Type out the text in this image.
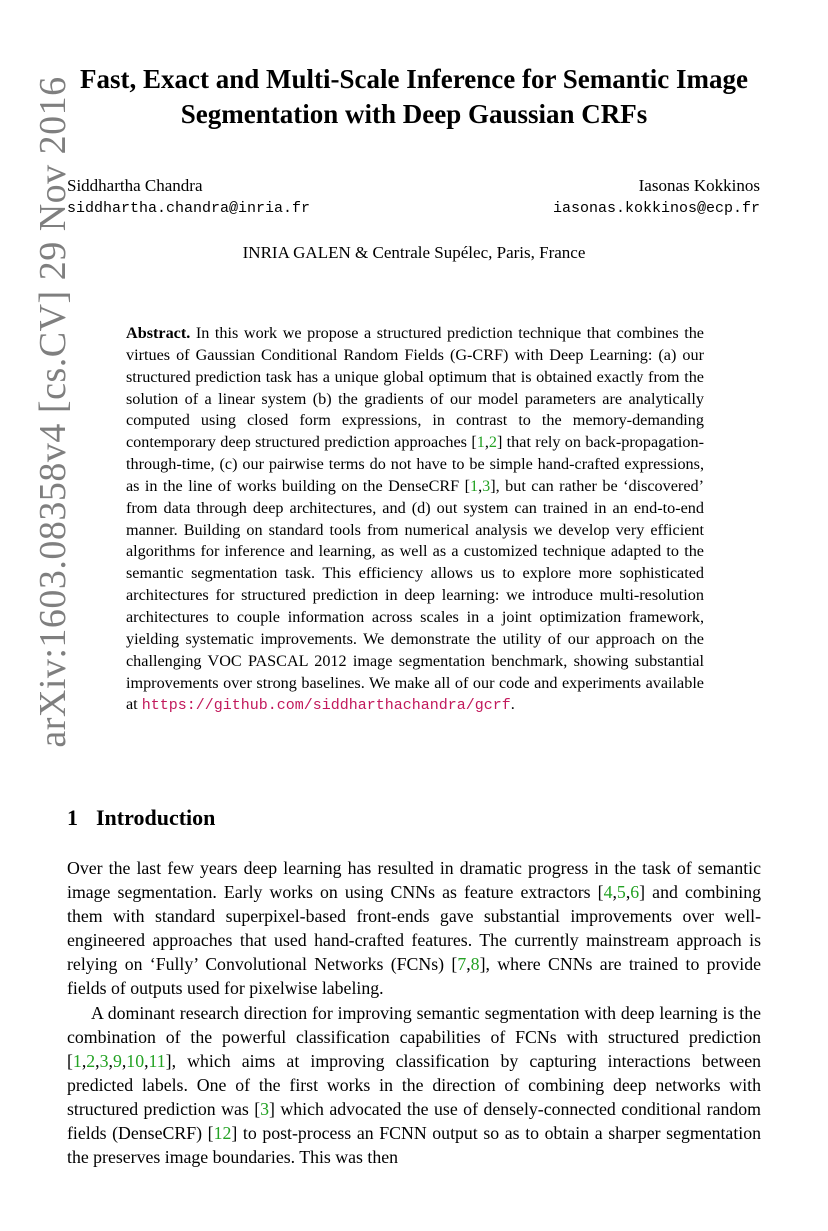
arXiv:1603.08358v4 [cs.CV] 29 Nov 2016 Fast, Exact and Multi-Scale Inference for Semantic Image Segmentation with Deep Gaussian CRFs
Siddhartha Chandra
siddhartha.chandra@inria.fr
Iasonas Kokkinos
iasonas.kokkinos@ecp.fr
INRIA GALEN & Centrale Supélec, Paris, France

Abstract. In this work we propose a structured prediction technique that combines the virtues of Gaussian Conditional Random Fields (G-CRF) with Deep Learning: (a) our structured prediction task has a unique global optimum that is obtained exactly from the solution of a linear system (b) the gradients of our model parameters are analytically computed using closed form expressions, in contrast to the memory-demanding contemporary deep structured prediction approaches [1,2] that rely on back-propagation-through-time, (c) our pairwise terms do not have to be simple hand-crafted expressions, as in the line of works building on the DenseCRF [1,3], but can rather be ‘discovered’ from data through deep architectures, and (d) out system can trained in an end-to-end manner. Building on standard tools from numerical analysis we develop very efficient algorithms for inference and learning, as well as a customized technique adapted to the semantic segmentation task. This efficiency allows us to explore more sophisticated architectures for structured prediction in deep learning: we introduce multi-resolution architectures to couple information across scales in a joint optimization framework, yielding systematic improvements. We demonstrate the utility of our approach on the challenging VOC PASCAL 2012 image segmentation benchmark, showing substantial improvements over strong baselines. We make all of our code and experiments available at https://github.com/siddharthachandra/gcrf.

1 Introduction

Over the last few years deep learning has resulted in dramatic progress in the task of semantic image segmentation. Early works on using CNNs as feature extractors [4,5,6] and combining them with standard superpixel-based front-ends gave substantial improvements over well-engineered approaches that used hand-crafted features. The currently mainstream approach is relying on ‘Fully’ Convolutional Networks (FCNs) [7,8], where CNNs are trained to provide fields of outputs used for pixelwise labeling.

A dominant research direction for improving semantic segmentation with deep learning is the combination of the powerful classification capabilities of FCNs with structured prediction [1,2,3,9,10,11], which aims at improving classification by capturing interactions between predicted labels. One of the first works in the direction of combining deep networks with structured prediction was [3] which advocated the use of densely-connected conditional random fields (DenseCRF) [12] to post-process an FCNN output so as to obtain a sharper segmentation the preserves image boundaries. This was then
